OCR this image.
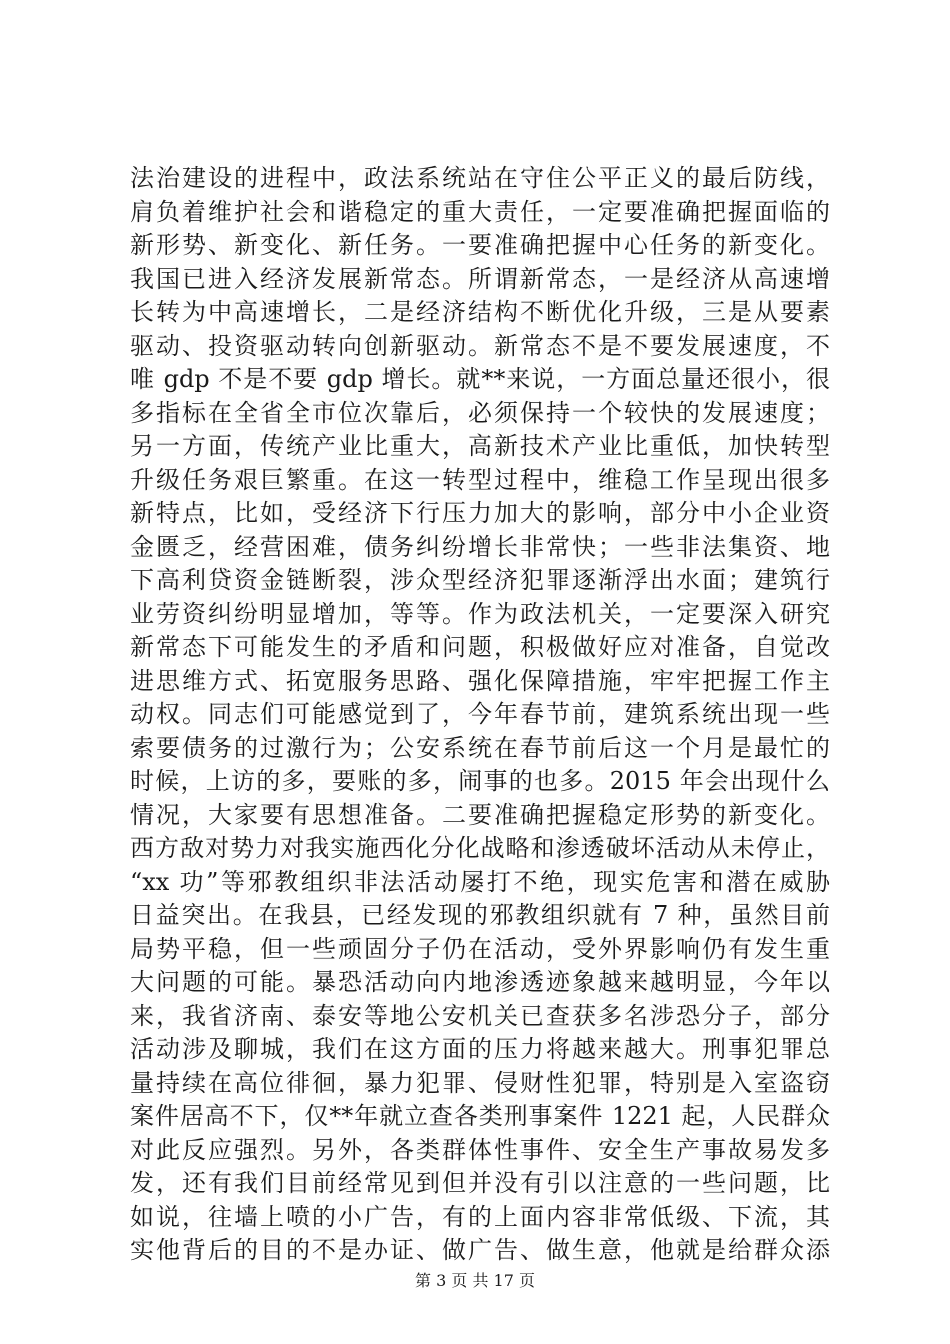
法治建设的进程中，政法系统站在守住公平正义的最后防线，
肩负着维护社会和谐稳定的重大责任，一定要准确把握面临的
新形势、新变化、新任务。一要准确把握中心任务的新变化。
我国已进入经济发展新常态。所谓新常态，一是经济从高速增
长转为中高速增长，二是经济结构不断优化升级，三是从要素
驱动、投资驱动转向创新驱动。新常态不是不要发展速度，不
唯 gdp 不是不要 gdp 增长。就**来说，一方面总量还很小，很
多指标在全省全市位次靠后，必须保持一个较快的发展速度；
另一方面，传统产业比重大，高新技术产业比重低，加快转型
升级任务艰巨繁重。在这一转型过程中，维稳工作呈现出很多
新特点，比如，受经济下行压力加大的影响，部分中小企业资
金匮乏，经营困难，债务纠纷增长非常快；一些非法集资、地
下高利贷资金链断裂，涉众型经济犯罪逐渐浮出水面；建筑行
业劳资纠纷明显增加，等等。作为政法机关，一定要深入研究
新常态下可能发生的矛盾和问题，积极做好应对准备，自觉改
进思维方式、拓宽服务思路、强化保障措施，牢牢把握工作主
动权。同志们可能感觉到了，今年春节前，建筑系统出现一些
索要债务的过激行为；公安系统在春节前后这一个月是最忙的
时候，上访的多，要账的多，闹事的也多。2015 年会出现什么
情况，大家要有思想准备。二要准确把握稳定形势的新变化。
西方敌对势力对我实施西化分化战略和渗透破坏活动从未停止，
“xx 功”等邪教组织非法活动屡打不绝，现实危害和潜在威胁
日益突出。在我县，已经发现的邪教组织就有 7 种，虽然目前
局势平稳，但一些顽固分子仍在活动，受外界影响仍有发生重
大问题的可能。暴恐活动向内地渗透迹象越来越明显，今年以
来，我省济南、泰安等地公安机关已查获多名涉恐分子，部分
活动涉及聊城，我们在这方面的压力将越来越大。刑事犯罪总
量持续在高位徘徊，暴力犯罪、侵财性犯罪，特别是入室盗窃
案件居高不下，仅**年就立查各类刑事案件 1221 起，人民群众
对此反应强烈。另外，各类群体性事件、安全生产事故易发多
发，还有我们目前经常见到但并没有引以注意的一些问题，比
如说，往墙上喷的小广告，有的上面内容非常低级、下流，其
实他背后的目的不是办证、做广告、做生意，他就是给群众添
第 3 页 共 17 页
